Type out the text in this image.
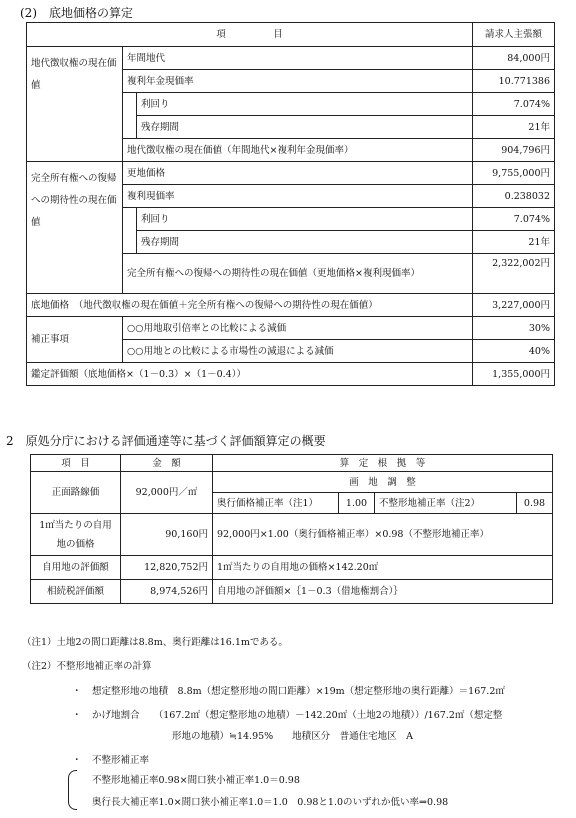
(2)　底地価格の算定
項　　　　　目			請求人主張額
地代徴収権の現在価値	年間地代		84,000円
	複利年金現価率		10.771386
		利回り	7.074%
		残存期間	21年
	地代徴収権の現在価値（年間地代×複利年金現価率）		904,796円
完全所有権への復帰への期待性の現在価値	更地価格		9,755,000円
	複利現価率		0.238032
		利回り	7.074%
		残存期間	21年
	完全所有権への復帰への期待性の現在価値（更地価格×複利現価率）		2,322,002円
底地価格　（地代徴収権の現在価値＋完全所有権への復帰への期待性の現在価値）			3,227,000円
補正事項	○○用地取引倍率との比較による減価		30%
	○○用地との比較による市場性の減退による減価		40%
鑑定評価額（底地価格×（1－0.3）×（1－0.4））			1,355,000円
2　原処分庁における評価通達等に基づく評価額算定の概要
項　目	金　額	算　定　根　拠　等			
正面路線価	92,000円／㎡	画　地　調　整			
		奥行価格補正率（注1）	1.00	不整形地補正率（注2）	0.98
1㎡当たりの自用地の価格	90,160円	92,000円×1.00（奥行価格補正率）×0.98（不整形地補正率）			
自用地の評価額	12,820,752円	1㎡当たりの自用地の価格×142.20㎡			
相続税評価額	8,974,526円	自用地の評価額×｛1－0.3（借地権割合）｝			
（注1）土地2の間口距離は8.8m、奥行距離は16.1mである。
（注2）不整形地補正率の計算
・ 想定整形地の地積　8.8m（想定整形地の間口距離）×19m（想定整形地の奥行距離）＝167.2㎡
・ かげ地割合　　（167.2㎡（想定整形地の地積）－142.20㎡（土地2の地積））/167.2㎡（想定整
形地の地積）≒14.95%　　地積区分　普通住宅地区　A
・ 不整形補正率
不整形地補正率0.98×間口狭小補正率1.0＝0.98
奥行長大補正率1.0×間口狭小補正率1.0＝1.0　0.98と1.0のいずれか低い率⇒0.98
